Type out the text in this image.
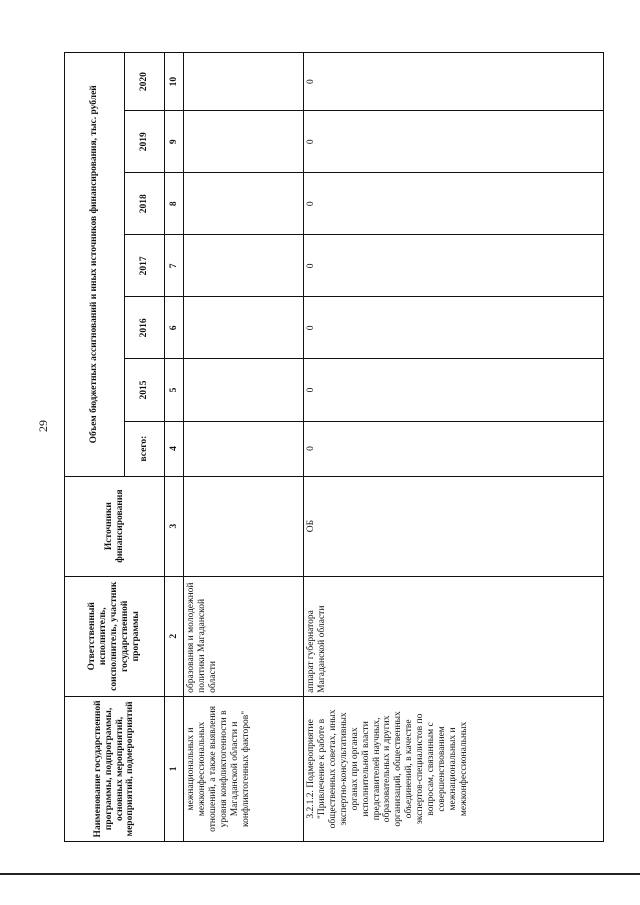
29
Наименование государственной программы, подпрограммы, основных мероприятий, мероприятий, подмероприятий	Ответственный исполнитель, соисполнитель, участник государственной программы	Источники финансирования	Объем бюджетных ассигнований и иных источников финансирования, тыс. рублей						
			всего:	2015	2016	2017	2018	2019	2020
1	2	3	4	5	6	7	8	9	10
межнациональных и межконфессиональных отношений, а также выявления уровня конфликтогенности в Магаданской области и конфликтогенных факторов"	образования и молодежной политики Магаданской области								
3.2.1.2. Подмероприятие "Привлечение к работе в общественных советах, иных экспертно-консультативных органах при органах исполнительной власти представителей научных, образовательных и других организаций, общественных объединений, в качестве экспертов-специалистов по вопросам, связанным с совершенствованием межнациональных и межконфессиональных	аппарат губернатора Магаданской области	ОБ	0	0	0	0	0	0	0
